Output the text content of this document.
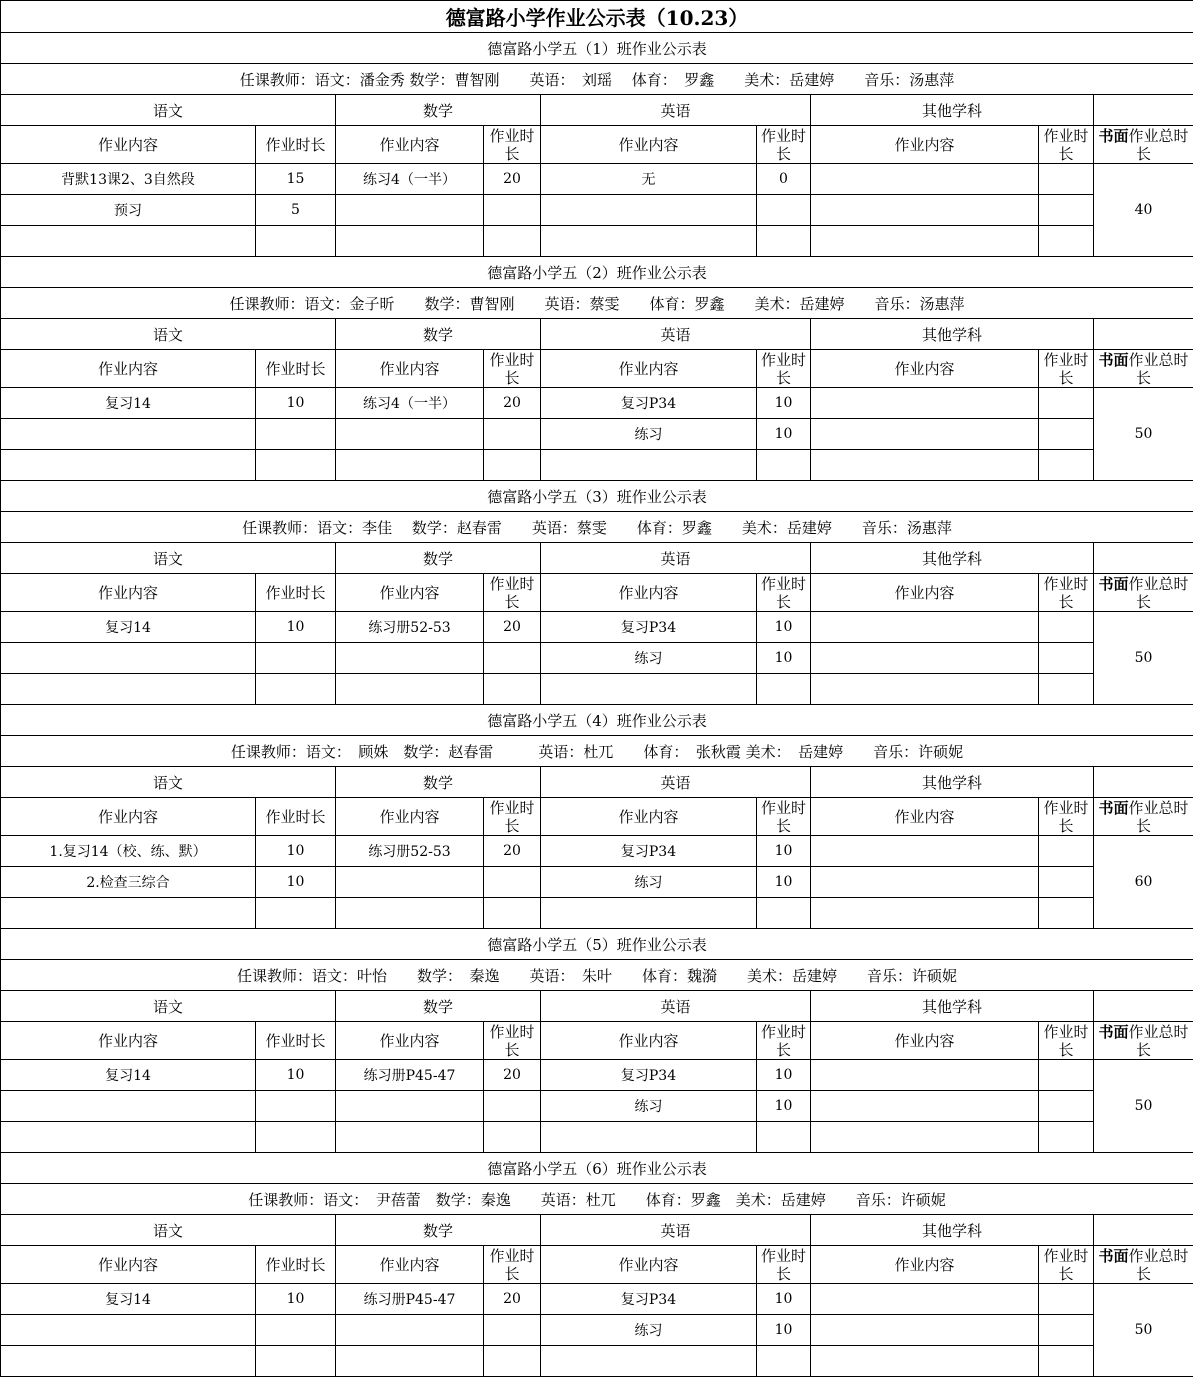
德富路小学作业公示表（10.23）								
德富路小学五（1）班作业公示表								
任课教师：语文：潘金秀 数学：曹智刚　　英语：　刘瑶　 体育：　罗鑫　　美术：岳建婷　　音乐：汤惠萍								
语文		数学		英语		其他学科		
作业内容	作业时长	作业内容	作业时长	作业内容	作业时长	作业内容	作业时长	书面作业总时长
背默13课2、3自然段	15	练习4（一半）	20	无	0			40
预习	5							

德富路小学五（2）班作业公示表								
任课教师：语文：金子昕　　数学：曹智刚　　英语：蔡雯　　体育：罗鑫　　美术：岳建婷　　音乐：汤惠萍								
语文		数学		英语		其他学科		
作业内容	作业时长	作业内容	作业时长	作业内容	作业时长	作业内容	作业时长	书面作业总时长
复习14	10	练习4（一半）	20	复习P34	10			50
				练习	10			

德富路小学五（3）班作业公示表								
任课教师：语文：李佳　 数学：赵春雷　　英语：蔡雯　　体育：罗鑫　　美术：岳建婷　　音乐：汤惠萍								
语文		数学		英语		其他学科		
作业内容	作业时长	作业内容	作业时长	作业内容	作业时长	作业内容	作业时长	书面作业总时长
复习14	10	练习册52-53	20	复习P34	10			50
				练习	10			

德富路小学五（4）班作业公示表								
任课教师：语文：　顾姝　数学：赵春雷　　　英语：杜兀　　体育：　张秋霞 美术：　岳建婷　　音乐：许硕妮								
语文		数学		英语		其他学科		
作业内容	作业时长	作业内容	作业时长	作业内容	作业时长	作业内容	作业时长	书面作业总时长
1.复习14（校、练、默）	10	练习册52-53	20	复习P34	10			60
2.检查三综合	10			练习	10			

德富路小学五（5）班作业公示表								
任课教师：语文：叶怡　　数学：　秦逸　　英语：　朱叶　　体育：魏漪　　美术：岳建婷　　音乐：许硕妮								
语文		数学		英语		其他学科		
作业内容	作业时长	作业内容	作业时长	作业内容	作业时长	作业内容	作业时长	书面作业总时长
复习14	10	练习册P45-47	20	复习P34	10			50
				练习	10			

德富路小学五（6）班作业公示表								
任课教师：语文：　尹蓓蕾　数学：秦逸　　英语：杜兀　　体育：罗鑫　美术：岳建婷　　音乐：许硕妮								
语文		数学		英语		其他学科		
作业内容	作业时长	作业内容	作业时长	作业内容	作业时长	作业内容	作业时长	书面作业总时长
复习14	10	练习册P45-47	20	复习P34	10			50
				练习	10			
